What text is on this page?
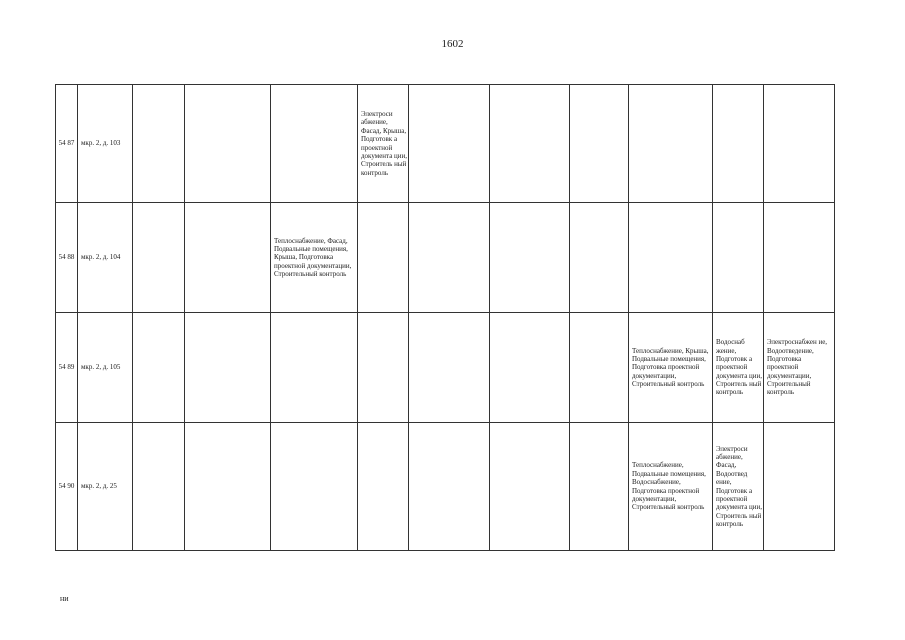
1602
54 87	мкр. 2, д. 103				Электроси абжение, Фасад, Крыша, Подготовк а проектной документа ции, Строитель ный контроль						
54 88	мкр. 2, д. 104			Теплоснабжение, Фасад, Подвальные помещения, Крыша, Подготовка проектной документации, Строительный контроль							
54 89	мкр. 2, д. 105								Теплоснабжение, Крыша, Подвальные помещения, Подготовка проектной документации, Строительный контроль	Водоснаб жение, Подготовк а проектной документа ции, Строитель ный контроль	Электроснабжен ие, Водоотведение, Подготовка проектной документации, Строительный контроль
54 90	мкр. 2, д. 25								Теплоснабжение, Подвальные помещения, Водоснабжение, Подготовка проектной документации, Строительный контроль	Электроси абжение, Фасад, Водоотвед ение, Подготовк а проектной документа ции, Строитель ный контроль	
ни
